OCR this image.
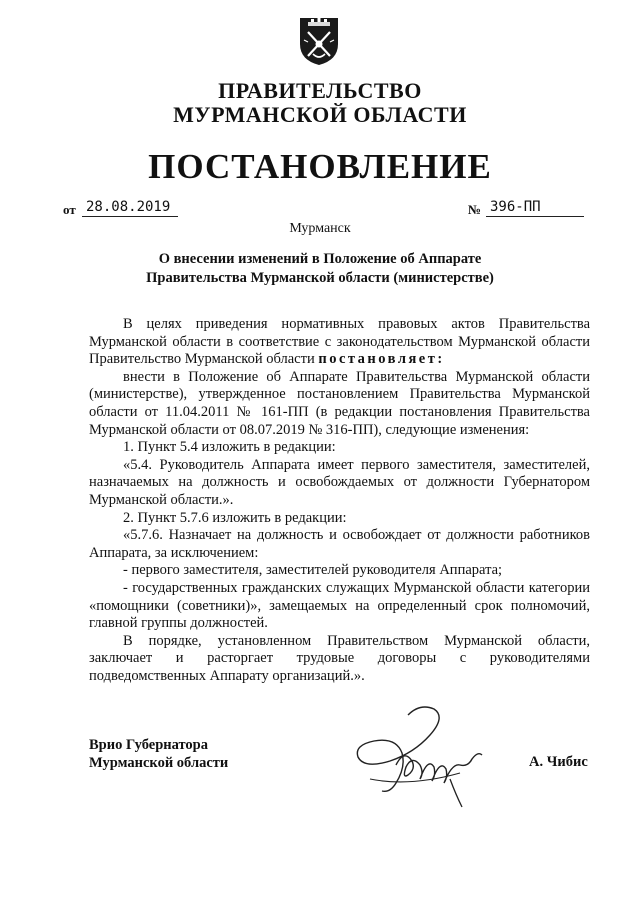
ПРАВИТЕЛЬСТВО
МУРМАНСКОЙ ОБЛАСТИ
ПОСТАНОВЛЕНИЕ
от 28.08.2019	№ 396-ПП
Мурманск
О внесении изменений в Положение об Аппарате
Правительства Мурманской области (министерстве)

В целях приведения нормативных правовых актов Правительства Мурманской области в соответствие с законодательством Мурманской области Правительство Мурманской области постановляет:

внести в Положение об Аппарате Правительства Мурманской области (министерстве), утвержденное постановлением Правительства Мурманской области от 11.04.2011 № 161-ПП (в редакции постановления Правительства Мурманской области от 08.07.2019 № 316-ПП), следующие изменения:

1. Пункт 5.4 изложить в редакции:

«5.4. Руководитель Аппарата имеет первого заместителя, заместителей, назначаемых на должность и освобождаемых от должности Губернатором Мурманской области.».

2. Пункт 5.7.6 изложить в редакции:

«5.7.6. Назначает на должность и освобождает от должности работников Аппарата, за исключением:

- первого заместителя, заместителей руководителя Аппарата;

- государственных гражданских служащих Мурманской области категории «помощники (советники)», замещаемых на определенный срок полномочий, главной группы должностей.

В порядке, установленном Правительством Мурманской области, заключает и расторгает трудовые договоры с руководителями подведомственных Аппарату организаций.».

Врио Губернатора
Мурманской области	А. Чибис
